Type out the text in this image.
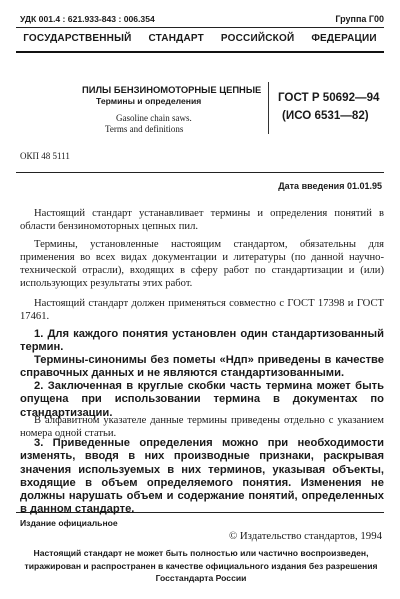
УДК 001.4 : 621.933-843 : 006.354	Группа Г00
ГОСУДАРСТВЕННЫЙ СТАНДАРТ РОССИЙСКОЙ ФЕДЕРАЦИИ
ПИЛЫ БЕНЗИНОМОТОРНЫЕ ЦЕПНЫЕ
Термины и определения
Gasoline chain saws.
Terms and definitions
ГОСТ Р 50692—94
(ИСО 6531—82)
ОКП 48 5111
Дата введения 01.01.95
Настоящий стандарт устанавливает термины и определения понятий в области бензиномоторных цепных пил.
Термины, установленные настоящим стандартом, обязательны для применения во всех видах документации и литературы (по данной научно-технической отрасли), входящих в сферу работ по стандартизации и (или) использующих результаты этих работ.
Настоящий стандарт должен применяться совместно с ГОСТ 17398 и ГОСТ 17461.
1. Для каждого понятия установлен один стандартизованный термин.
Термины-синонимы без пометы «Ндп» приведены в качестве справочных данных и не являются стандартизованными.
2. Заключенная в круглые скобки часть термина может быть опущена при использовании термина в документах по стандартизации.
В алфавитном указателе данные термины приведены отдельно с указанием номера одной статьи.
3. Приведенные определения можно при необходимости изменять, вводя в них производные признаки, раскрывая значения используемых в них терминов, указывая объекты, входящие в объем определяемого понятия. Изменения не должны нарушать объем и содержание понятий, определенных в данном стандарте.
Издание официальное
© Издательство стандартов, 1994
Настоящий стандарт не может быть полностью или частично воспроизведен, тиражирован и распространен в качестве официального издания без разрешения Госстандарта России
